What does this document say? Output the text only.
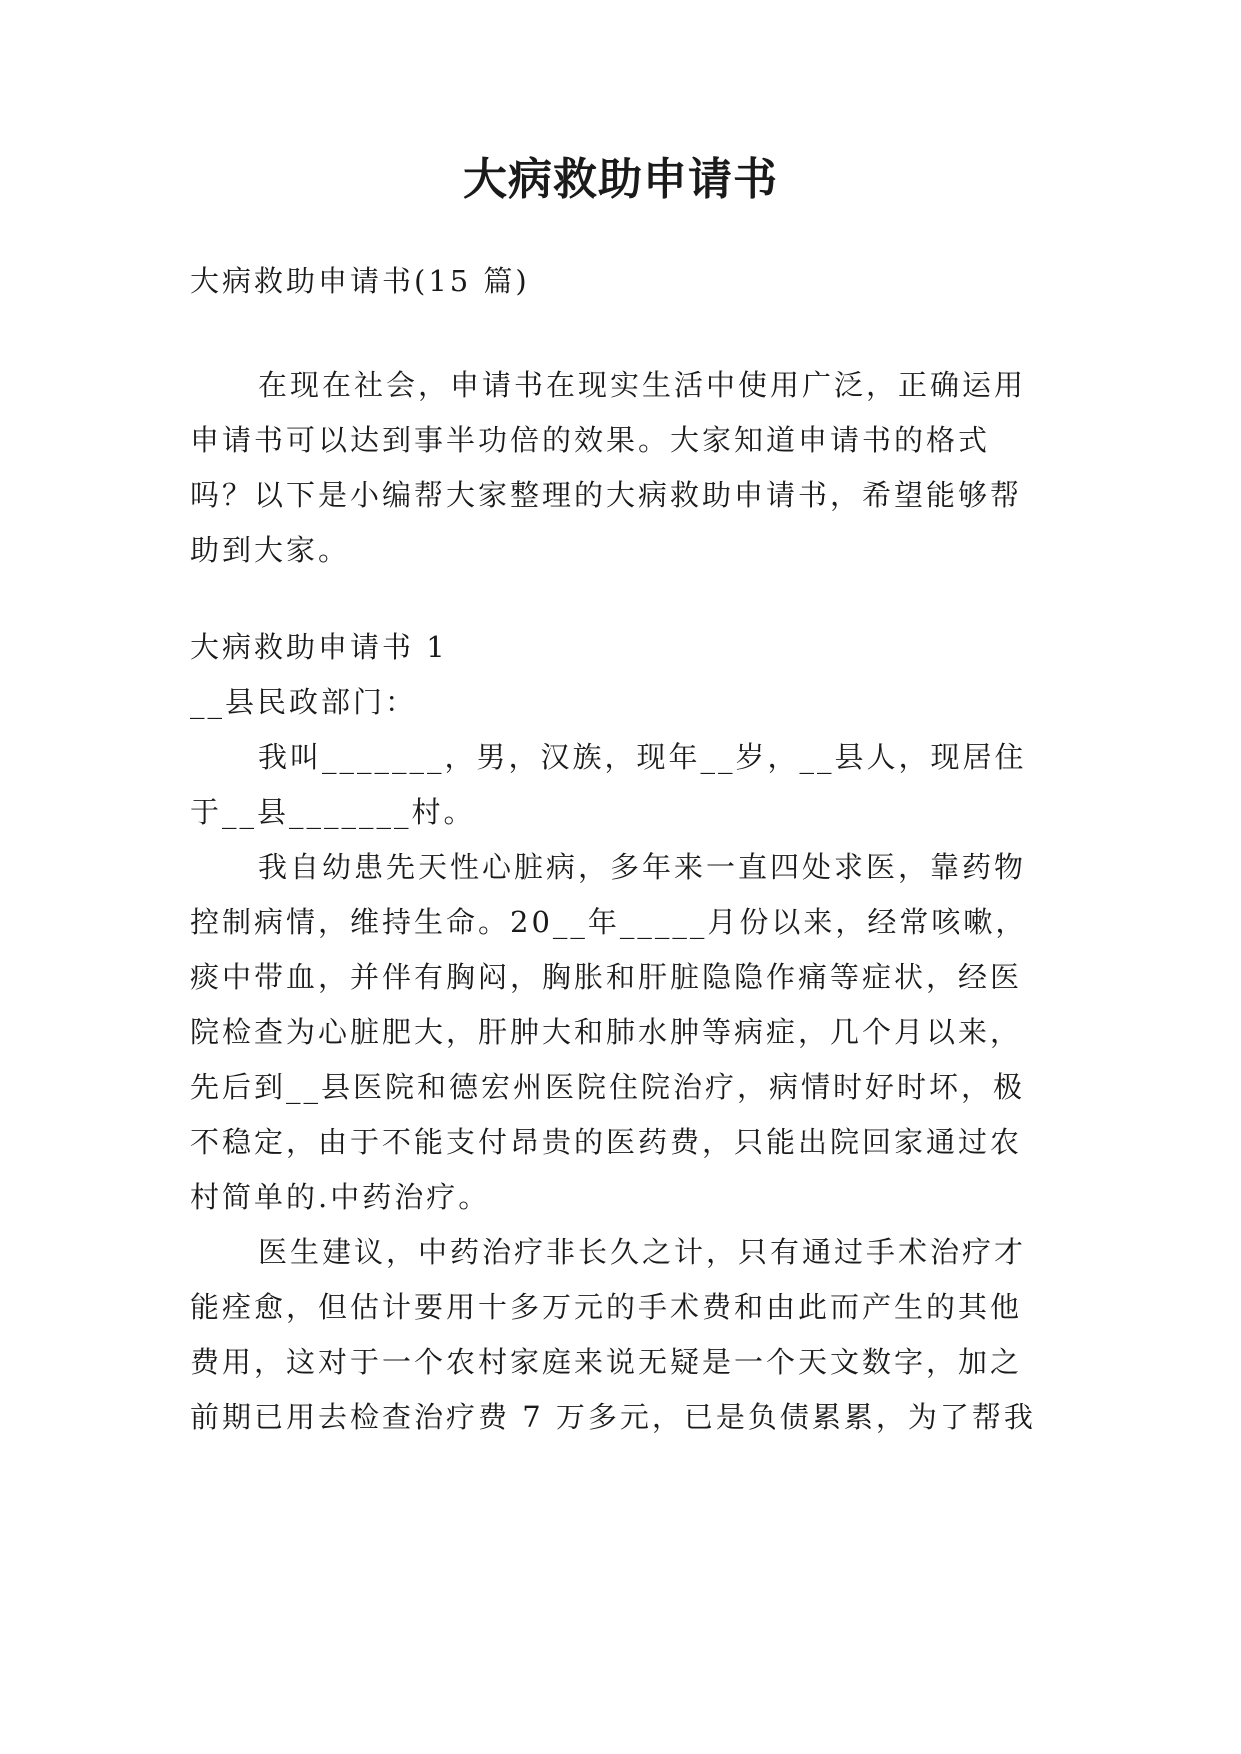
大病救助申请书
大病救助申请书(15 篇)
在现在社会，申请书在现实生活中使用广泛，正确运用
申请书可以达到事半功倍的效果。大家知道申请书的格式
吗？以下是小编帮大家整理的大病救助申请书，希望能够帮
助到大家。
大病救助申请书 1
__县民政部门：
我叫_______，男，汉族，现年__岁，__县人，现居住
于__县_______村。
我自幼患先天性心脏病，多年来一直四处求医，靠药物
控制病情，维持生命。20__年_____月份以来，经常咳嗽，
痰中带血，并伴有胸闷，胸胀和肝脏隐隐作痛等症状，经医
院检查为心脏肥大，肝肿大和肺水肿等病症，几个月以来，
先后到__县医院和德宏州医院住院治疗，病情时好时坏，极
不稳定，由于不能支付昂贵的医药费，只能出院回家通过农
村简单的.中药治疗。
医生建议，中药治疗非长久之计，只有通过手术治疗才
能痊愈，但估计要用十多万元的手术费和由此而产生的其他
费用，这对于一个农村家庭来说无疑是一个天文数字，加之
前期已用去检查治疗费 7 万多元，已是负债累累，为了帮我
